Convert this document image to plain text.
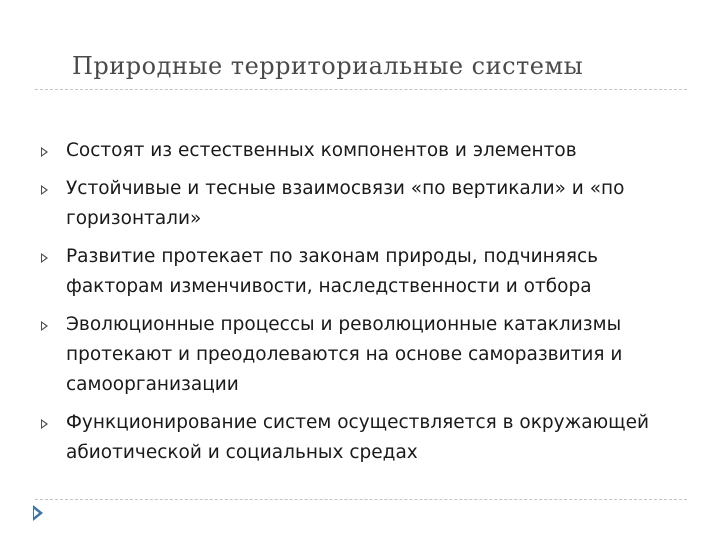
Природные территориальные системы
Состоят из естественных компонентов и элементов
Устойчивые и тесные взаимосвязи «по вертикали» и «по горизонтали»
Развитие протекает по законам природы, подчиняясь факторам изменчивости, наследственности и отбора
Эволюционные процессы и революционные катаклизмы протекают и преодолеваются на основе саморазвития и самоорганизации
Функционирование систем осуществляется в окружающей абиотической и социальных средах
